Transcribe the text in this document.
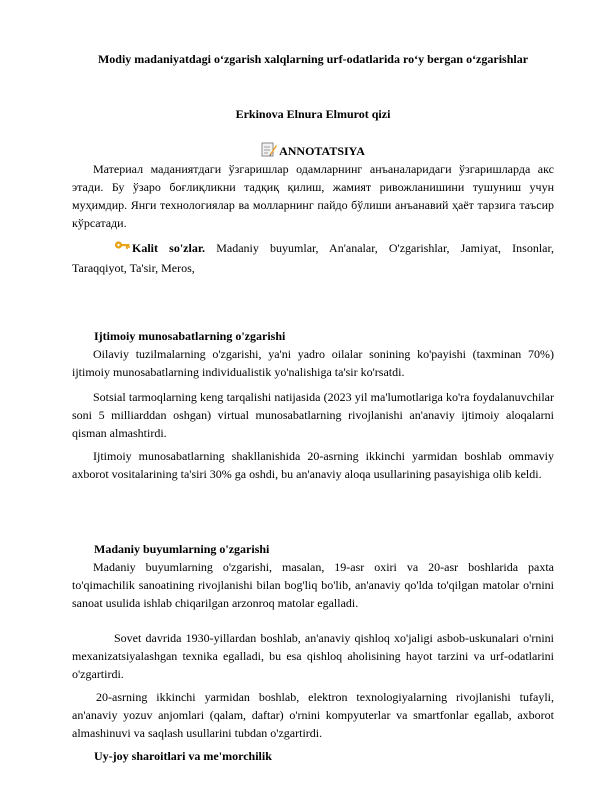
Modiy madaniyatdagi o‘zgarish xalqlarning urf-odatlarida ro‘y bergan o‘zgarishlar
Erkinova Elnura Elmurot qizi
ANNOTATSIYA
Материал маданиятдаги ўзгаришлар одамларнинг анъаналаридаги ўзгаришларда акс этади. Бу ўзаро боғлиқликни тадқиқ қилиш, жамият ривожланишини тушуниш учун муҳимдир. Янги технологиялар ва молларнинг пайдо бўлиши анъанавий ҳаёт тарзига таъсир кўрсатади.
Kalit so'zlar. Madaniy buyumlar, An'analar, O'zgarishlar, Jamiyat, Insonlar, Taraqqiyot, Ta'sir, Meros,
Ijtimoiy munosabatlarning o'zgarishi
Oilaviy tuzilmalarning o'zgarishi, ya'ni yadro oilalar sonining ko'payishi (taxminan 70%) ijtimoiy munosabatlarning individualistik yo'nalishiga ta'sir ko'rsatdi.
Sotsial tarmoqlarning keng tarqalishi natijasida (2023 yil ma'lumotlariga ko'ra foydalanuvchilar soni 5 milliarddan oshgan) virtual munosabatlarning rivojlanishi an'anaviy ijtimoiy aloqalarni qisman almashtirdi.
Ijtimoiy munosabatlarning shakllanishida 20-asrning ikkinchi yarmidan boshlab ommaviy axborot vositalarining ta'siri 30% ga oshdi, bu an'anaviy aloqa usullarining pasayishiga olib keldi.
Madaniy buyumlarning o'zgarishi
Madaniy buyumlarning o'zgarishi, masalan, 19-asr oxiri va 20-asr boshlarida paxta to'qimachilik sanoatining rivojlanishi bilan bog'liq bo'lib, an'anaviy qo'lda to'qilgan matolar o'rnini sanoat usulida ishlab chiqarilgan arzonroq matolar egalladi.
Sovet davrida 1930-yillardan boshlab, an'anaviy qishloq xo'jaligi asbob-uskunalari o'rnini mexanizatsiyalashgan texnika egalladi, bu esa qishloq aholisining hayot tarzini va urf-odatlarini o'zgartirdi.
20-asrning ikkinchi yarmidan boshlab, elektron texnologiyalarning rivojlanishi tufayli, an'anaviy yozuv anjomlari (qalam, daftar) o'rnini kompyuterlar va smartfonlar egallab, axborot almashinuvi va saqlash usullarini tubdan o'zgartirdi.
Uy-joy sharoitlari va me'morchilik
